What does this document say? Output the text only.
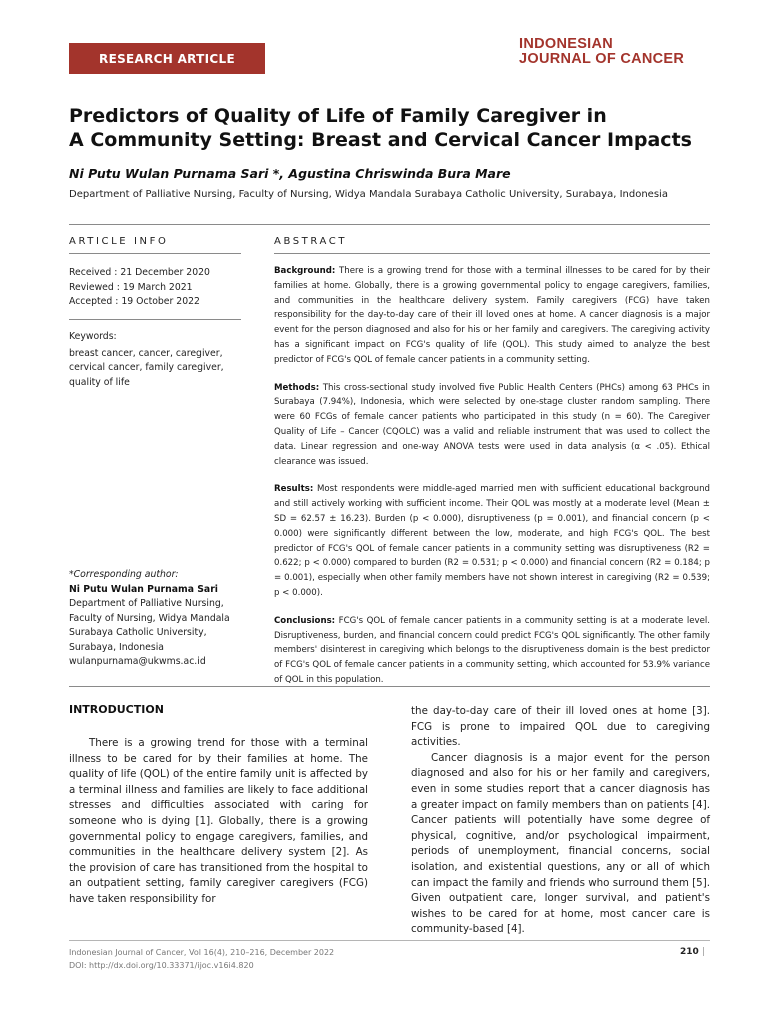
RESEARCH ARTICLE
INDONESIAN
JOURNAL OF CANCER
Predictors of Quality of Life of Family Caregiver in
A Community Setting: Breast and Cervical Cancer Impacts
Ni Putu Wulan Purnama Sari *, Agustina Chriswinda Bura Mare
Department of Palliative Nursing, Faculty of Nursing, Widya Mandala Surabaya Catholic University, Surabaya, Indonesia
ARTICLE INFO	ABSTRACT
Received : 21 December 2020
Reviewed : 19 March 2021
Accepted : 19 October 2022
Keywords:
breast cancer, cancer, caregiver,
cervical cancer, family caregiver,
quality of life
*Corresponding author:
Ni Putu Wulan Purnama Sari
Department of Palliative Nursing,
Faculty of Nursing, Widya Mandala
Surabaya Catholic University,
Surabaya, Indonesia
wulanpurnama@ukwms.ac.id

Background: There is a growing trend for those with a terminal illnesses to be cared for by their families at home. Globally, there is a growing governmental policy to engage caregivers, families, and communities in the healthcare delivery system. Family caregivers (FCG) have taken responsibility for the day-to-day care of their ill loved ones at home. A cancer diagnosis is a major event for the person diagnosed and also for his or her family and caregivers. The caregiving activity has a significant impact on FCG's quality of life (QOL). This study aimed to analyze the best predictor of FCG's QOL of female cancer patients in a community setting.

Methods: This cross-sectional study involved five Public Health Centers (PHCs) among 63 PHCs in Surabaya (7.94%), Indonesia, which were selected by one-stage cluster random sampling. There were 60 FCGs of female cancer patients who participated in this study (n = 60). The Caregiver Quality of Life – Cancer (CQOLC) was a valid and reliable instrument that was used to collect the data. Linear regression and one-way ANOVA tests were used in data analysis (α < .05). Ethical clearance was issued.

Results: Most respondents were middle-aged married men with sufficient educational background and still actively working with sufficient income. Their QOL was mostly at a moderate level (Mean ± SD = 62.57 ± 16.23). Burden (p < 0.000), disruptiveness (p = 0.001), and financial concern (p < 0.000) were significantly different between the low, moderate, and high FCG's QOL. The best predictor of FCG's QOL of female cancer patients in a community setting was disruptiveness (R2 = 0.622; p < 0.000) compared to burden (R2 = 0.531; p < 0.000) and financial concern (R2 = 0.184; p = 0.001), especially when other family members have not shown interest in caregiving (R2 = 0.539; p < 0.000).

Conclusions: FCG's QOL of female cancer patients in a community setting is at a moderate level. Disruptiveness, burden, and financial concern could predict FCG's QOL significantly. The other family members' disinterest in caregiving which belongs to the disruptiveness domain is the best predictor of FCG's QOL of female cancer patients in a community setting, which accounted for 53.9% variance of QOL in this population.

INTRODUCTION

There is a growing trend for those with a terminal illness to be cared for by their families at home. The quality of life (QOL) of the entire family unit is affected by a terminal illness and families are likely to face additional stresses and difficulties associated with caring for someone who is dying [1]. Globally, there is a growing governmental policy to engage caregivers, families, and communities in the healthcare delivery system [2]. As the provision of care has transitioned from the hospital to an outpatient setting, family caregiver caregivers (FCG) have taken responsibility for

the day-to-day care of their ill loved ones at home [3]. FCG is prone to impaired QOL due to caregiving activities.

Cancer diagnosis is a major event for the person diagnosed and also for his or her family and caregivers, even in some studies report that a cancer diagnosis has a greater impact on family members than on patients [4]. Cancer patients will potentially have some degree of physical, cognitive, and/or psychological impairment, periods of unemployment, financial concerns, social isolation, and existential questions, any or all of which can impact the family and friends who surround them [5]. Given outpatient care, longer survival, and patient's wishes to be cared for at home, most cancer care is community-based [4].

Indonesian Journal of Cancer, Vol 16(4), 210–216, December 2022
DOI: http://dx.doi.org/10.33371/ijoc.v16i4.820
210 |
